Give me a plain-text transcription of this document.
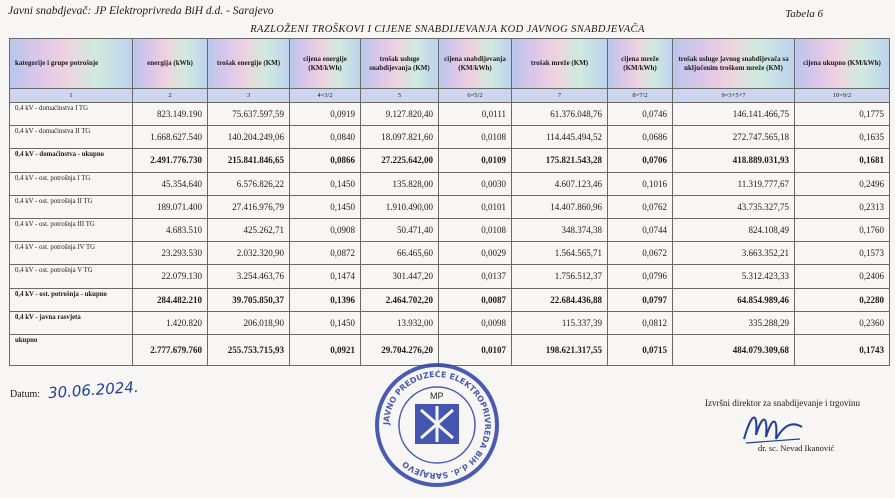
Javni snabdjevač: JP Elektroprivreda BiH d.d. - Sarajevo	Tabela 6
RAZLOŽENI TROŠKOVI I CIJENE SNABDIJEVANJA KOD JAVNOG SNABDJEVAČA
kategorije i grupe potrošnje	energija (kWh)	trošak energije (KM)	cijena energije (KM/kWh)	trošak usluge snabdijevanja (KM)	cijena snabdijevanja (KM/kWh)	trošak mreže (KM)	cijena mreže (KM/kWh)	trošak usluge javnog snabdijevača sa uključenim troškom mreže (KM)	cijena ukupno (KM/kWh)
1	2	3	4=3/2	5	6=5/2	7	8=7/2	9=3+5+7	10=9/2
0,4 kV - domaćinstva I TG	823.149.190	75.637.597,59	0,0919	9.127.820,40	0,0111	61.376.048,76	0,0746	146.141.466,75	0,1775
0,4 kV - domaćinstva II TG	1.668.627.540	140.204.249,06	0,0840	18.097.821,60	0,0108	114.445.494,52	0,0686	272.747.565,18	0,1635
0,4 kV - domaćinstva - ukupno	2.491.776.730	215.841.846,65	0,0866	27.225.642,00	0,0109	175.821.543,28	0,0706	418.889.031,93	0,1681
0,4 kV - ost. potrošnja I TG	45.354.640	6.576.826,22	0,1450	135.828,00	0,0030	4.607.123,46	0,1016	11.319.777,67	0,2496
0,4 kV - ost. potrošnja II TG	189.071.400	27.416.976,79	0,1450	1.910.490,00	0,0101	14.407.860,96	0,0762	43.735.327,75	0,2313
0,4 kV - ost. potrošnja III TG	4.683.510	425.262,71	0,0908	50.471,40	0,0108	348.374,38	0,0744	824.108,49	0,1760
0,4 kV - ost. potrošnja IV TG	23.293.530	2.032.320,90	0,0872	66.465,60	0,0029	1.564.565,71	0,0672	3.663.352,21	0,1573
0,4 kV - ost. potrošnja V TG	22.079.130	3.254.463,76	0,1474	301.447,20	0,0137	1.756.512,37	0,0796	5.312.423,33	0,2406
0,4 kV - ost. potrošnja - ukupno	284.482.210	39.705.850,37	0,1396	2.464.702,20	0,0087	22.684.436,88	0,0797	64.854.989,46	0,2280
0,4 kV - javna rasvjeta	1.420.820	206.018,90	0,1450	13.932,00	0,0098	115.337,39	0,0812	335.288,29	0,2360
ukupno	2.777.679.760	255.753.715,93	0,0921	29.704.276,20	0,0107	198.621.317,55	0,0715	484.079.309,68	0,1743
Datum: 30.06.2024.
JAVNO PREDUZEĆE ELEKTROPRIVREDA BiH d.d. SARAJEVO
MP
Izvršni direktor za snabdijevanje i trgovinu
dr. sc. Nevad Ikanović
